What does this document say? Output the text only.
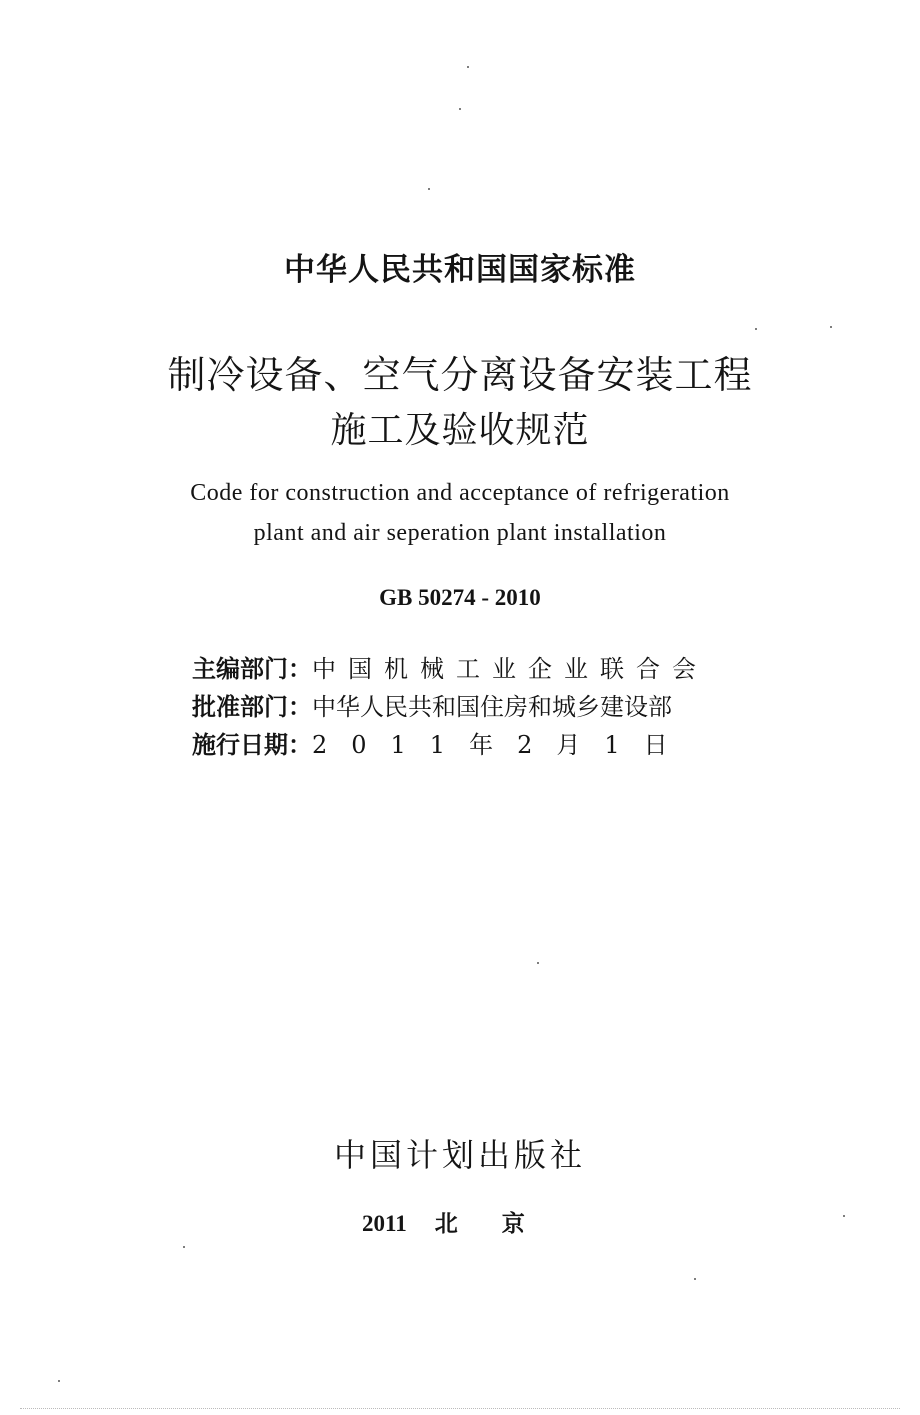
中华人民共和国国家标准
制冷设备、空气分离设备安装工程
施工及验收规范
Code for construction and acceptance of refrigeration
plant and air seperation plant installation
GB 50274 - 2010
主编部门： 中国机械工业企业联合会
批准部门： 中华人民共和国住房和城乡建设部
施行日期： 2011年2月1日
中国计划出版社
2011 北 京
